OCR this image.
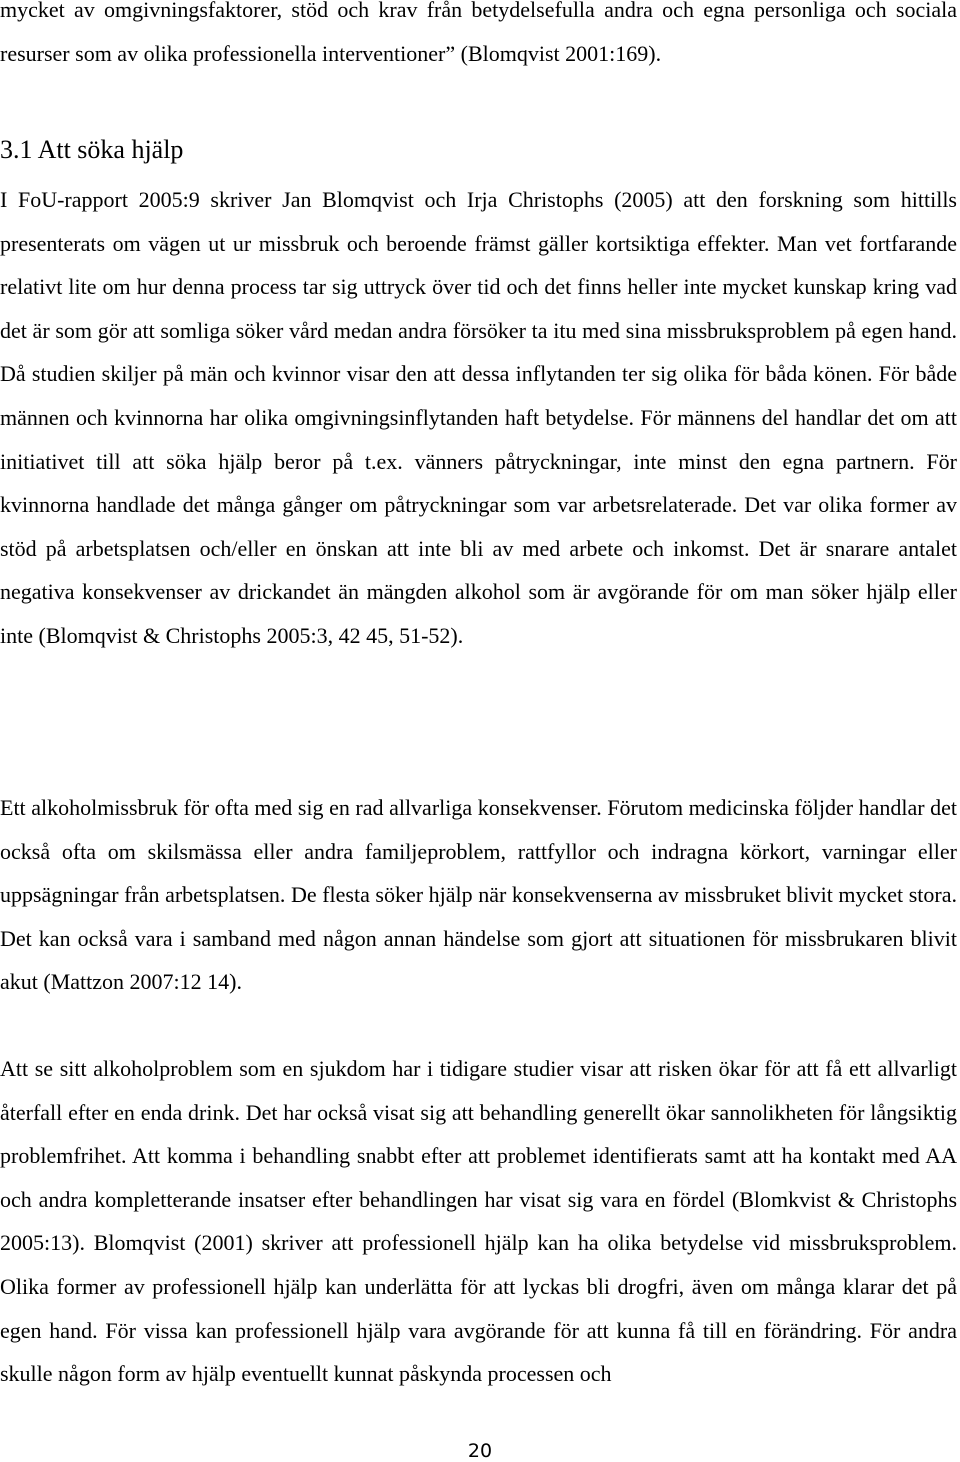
mycket av omgivningsfaktorer, stöd och krav från betydelsefulla andra och egna personliga och sociala resurser som av olika professionella interventioner” (Blomqvist 2001:169).

3.1 Att söka hjälp

I FoU-rapport 2005:9 skriver Jan Blomqvist och Irja Christophs (2005) att den forskning som hittills presenterats om vägen ut ur missbruk och beroende främst gäller kortsiktiga effekter. Man vet fortfarande relativt lite om hur denna process tar sig uttryck över tid och det finns heller inte mycket kunskap kring vad det är som gör att somliga söker vård medan andra försöker ta itu med sina missbruksproblem på egen hand. Då studien skiljer på män och kvinnor visar den att dessa inflytanden ter sig olika för båda könen. För både männen och kvinnorna har olika omgivningsinflytanden haft betydelse. För männens del handlar det om att initiativet till att söka hjälp beror på t.ex. vänners påtryckningar, inte minst den egna partnern. För kvinnorna handlade det många gånger om påtryckningar som var arbetsrelaterade. Det var olika former av stöd på arbetsplatsen och/eller en önskan att inte bli av med arbete och inkomst. Det är snarare antalet negativa konsekvenser av drickandet än mängden alkohol som är avgörande för om man söker hjälp eller inte (Blomqvist & Christophs 2005:3, 42 45, 51-52).

Ett alkoholmissbruk för ofta med sig en rad allvarliga konsekvenser. Förutom medicinska följder handlar det också ofta om skilsmässa eller andra familjeproblem, rattfyllor och indragna körkort, varningar eller uppsägningar från arbetsplatsen. De flesta söker hjälp när konsekvenserna av missbruket blivit mycket stora. Det kan också vara i samband med någon annan händelse som gjort att situationen för missbrukaren blivit akut (Mattzon 2007:12 14).

Att se sitt alkoholproblem som en sjukdom har i tidigare studier visar att risken ökar för att få ett allvarligt återfall efter en enda drink. Det har också visat sig att behandling generellt ökar sannolikheten för långsiktig problemfrihet. Att komma i behandling snabbt efter att problemet identifierats samt att ha kontakt med AA och andra kompletterande insatser efter behandlingen har visat sig vara en fördel (Blomkvist & Christophs 2005:13). Blomqvist (2001) skriver att professionell hjälp kan ha olika betydelse vid missbruksproblem. Olika former av professionell hjälp kan underlätta för att lyckas bli drogfri, även om många klarar det på egen hand. För vissa kan professionell hjälp vara avgörande för att kunna få till en förändring. För andra skulle någon form av hjälp eventuellt kunnat påskynda processen och

20
